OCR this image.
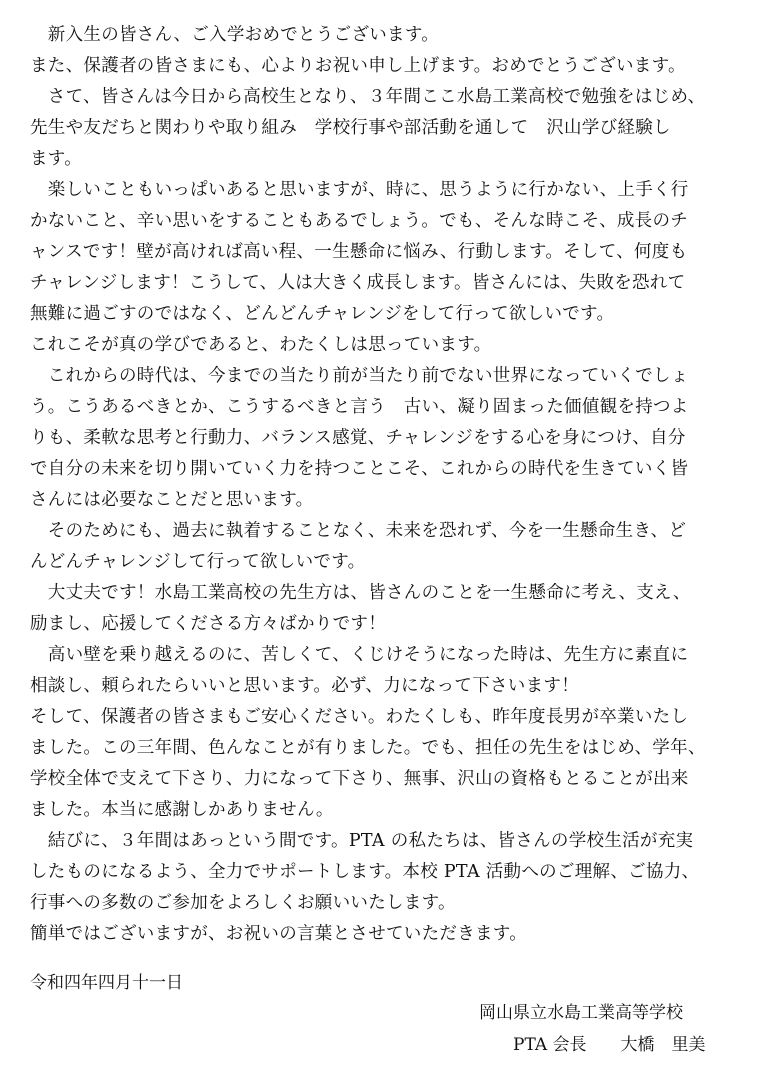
　新入生の皆さん、ご入学おめでとうございます。
また、保護者の皆さまにも、心よりお祝い申し上げます。おめでとうございます。
　さて、皆さんは今日から高校生となり、３年間ここ水島工業高校で勉強をはじめ、
先生や友だちと関わりや取り組み　学校行事や部活動を通して　沢山学び経験し
ます。
　楽しいこともいっぱいあると思いますが、時に、思うように行かない、上手く行
かないこと、辛い思いをすることもあるでしょう。でも、そんな時こそ、成長のチ
ャンスです！壁が高ければ高い程、一生懸命に悩み、行動します。そして、何度も
チャレンジします！こうして、人は大きく成長します。皆さんには、失敗を恐れて
無難に過ごすのではなく、どんどんチャレンジをして行って欲しいです。
これこそが真の学びであると、わたくしは思っています。
　これからの時代は、今までの当たり前が当たり前でない世界になっていくでしょ
う。こうあるべきとか、こうするべきと言う　古い、凝り固まった価値観を持つよ
りも、柔軟な思考と行動力、バランス感覚、チャレンジをする心を身につけ、自分
で自分の未来を切り開いていく力を持つことこそ、これからの時代を生きていく皆
さんには必要なことだと思います。
　そのためにも、過去に執着することなく、未来を恐れず、今を一生懸命生き、ど
んどんチャレンジして行って欲しいです。
　大丈夫です！水島工業高校の先生方は、皆さんのことを一生懸命に考え、支え、
励まし、応援してくださる方々ばかりです！
　高い壁を乗り越えるのに、苦しくて、くじけそうになった時は、先生方に素直に
相談し、頼られたらいいと思います。必ず、力になって下さいます！
そして、保護者の皆さまもご安心ください。わたくしも、昨年度長男が卒業いたし
ました。この三年間、色んなことが有りました。でも、担任の先生をはじめ、学年、
学校全体で支えて下さり、力になって下さり、無事、沢山の資格もとることが出来
ました。本当に感謝しかありません。
　結びに、３年間はあっという間です。PTA の私たちは、皆さんの学校生活が充実
したものになるよう、全力でサポートします。本校 PTA 活動へのご理解、ご協力、
行事への多数のご参加をよろしくお願いいたします。
簡単ではございますが、お祝いの言葉とさせていただきます。
令和四年四月十一日
岡山県立水島工業高等学校
PTA 会長　　大橋　里美
